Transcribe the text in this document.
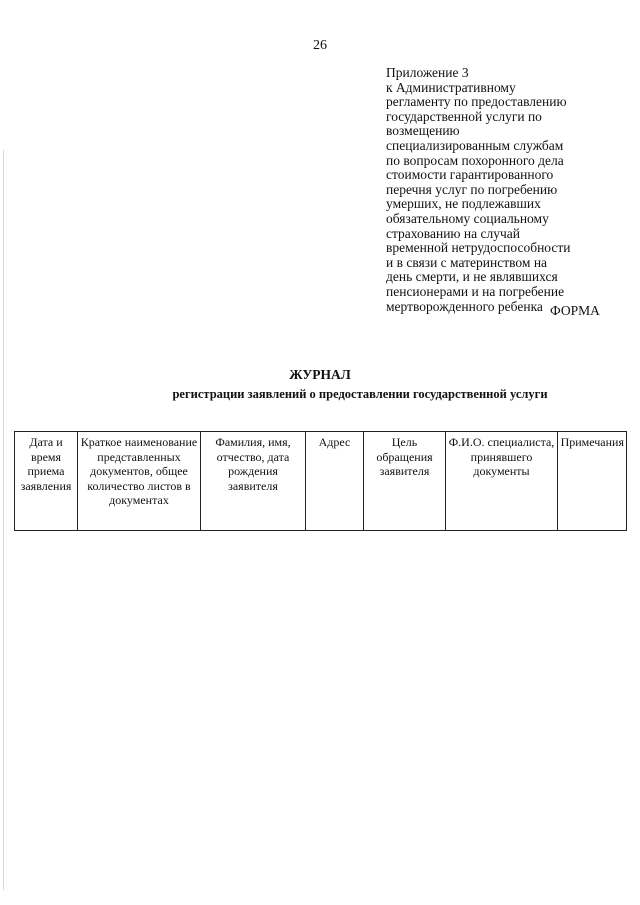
26
Приложение 3
к Административному
регламенту по предоставлению
государственной услуги по
возмещению
специализированным службам
по вопросам похоронного дела
стоимости гарантированного
перечня услуг по погребению
умерших, не подлежавших
обязательному социальному
страхованию на случай
временной нетрудоспособности
и в связи с материнством на
день смерти, и не являвшихся
пенсионерами и на погребение
мертворожденного ребенка ФОРМА
ЖУРНАЛ
регистрации заявлений о предоставлении государственной услуги
Дата и время приема заявления	Краткое наименование представленных документов, общее количество листов в документах	Фамилия, имя, отчество, дата рождения заявителя	Адрес	Цель обращения заявителя	Ф.И.О. специалиста, принявшего документы	Примечания
